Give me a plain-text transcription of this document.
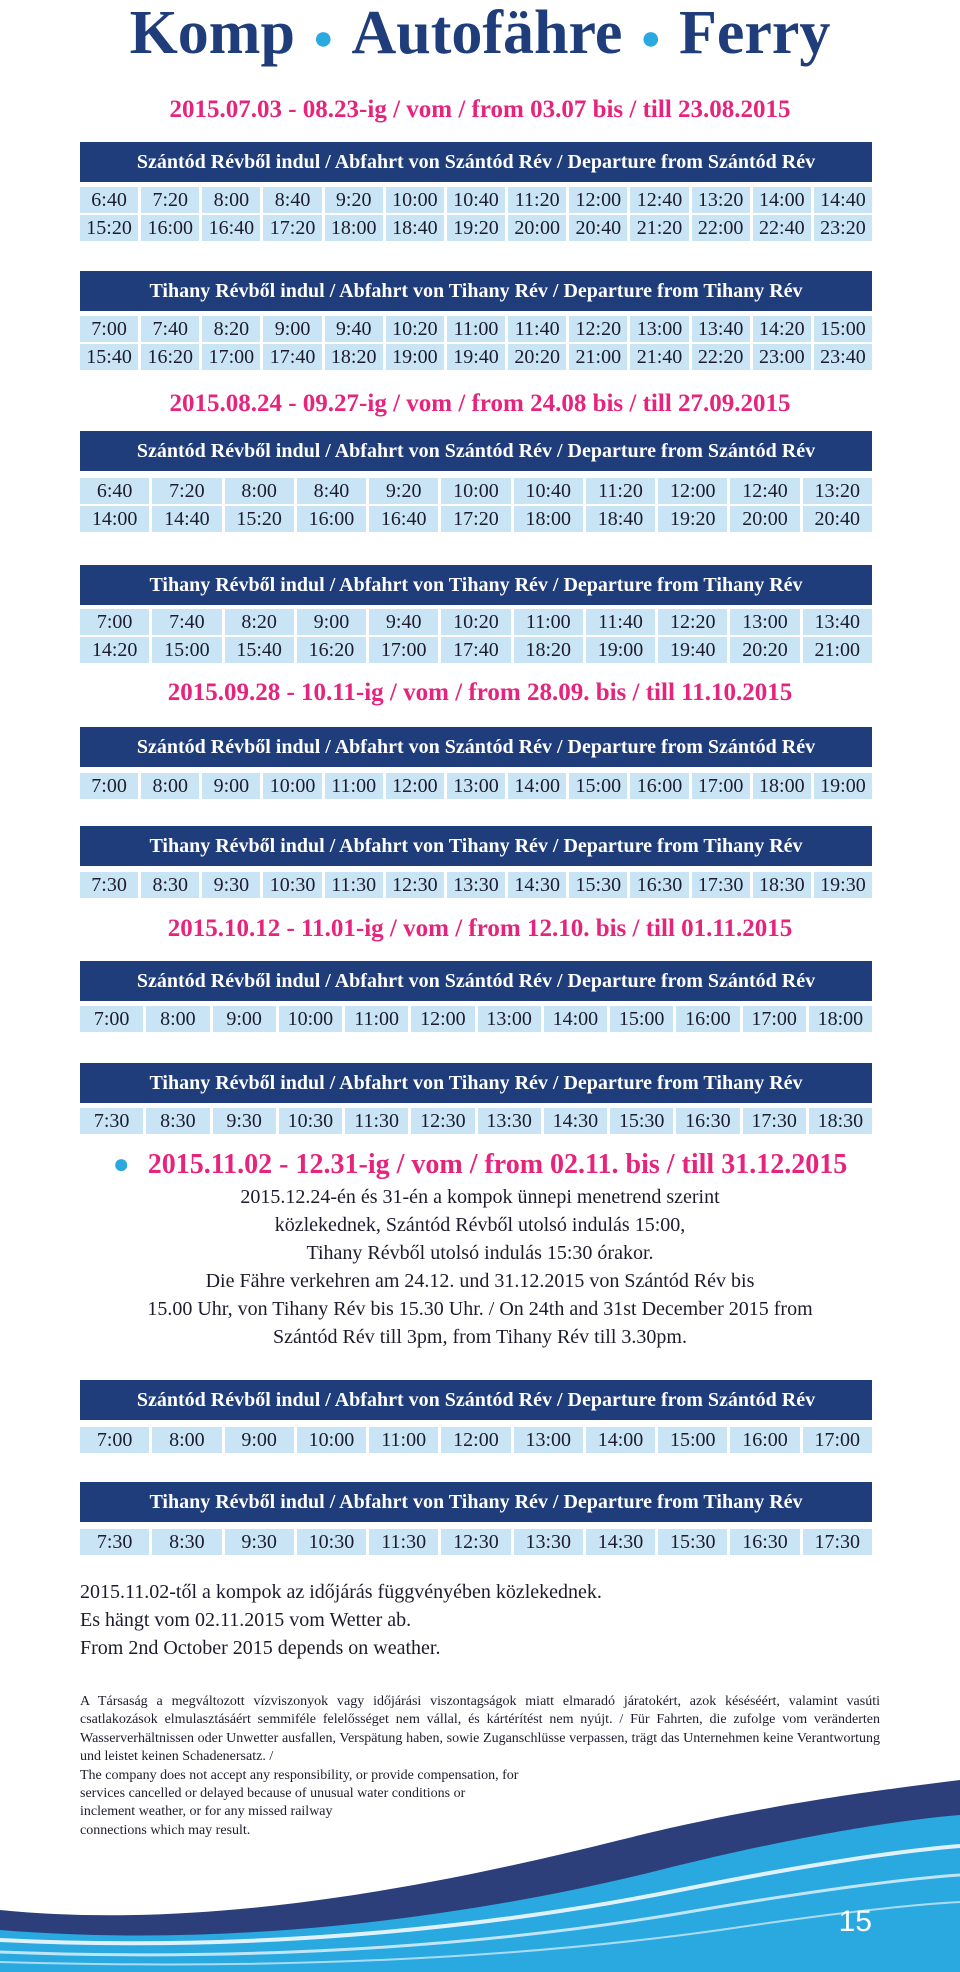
Komp ● Autofähre ● Ferry
2015.07.03 - 08.23-ig / vom / from 03.07 bis / till 23.08.2015
Szántód Révből indul / Abfahrt von Szántód Rév / Departure from Szántód Rév
6:40	7:20	8:00	8:40	9:20	10:00 10:40 11:20 12:00 12:40 13:20 14:00 14:40
15:20 16:00 16:40 17:20 18:00 18:40 19:20 20:00 20:40 21:20 22:00 22:40 23:20
Tihany Révből indul / Abfahrt von Tihany Rév / Departure from Tihany Rév
7:00	7:40	8:20	9:00	9:40	10:20 11:00 11:40 12:20 13:00 13:40 14:20 15:00
15:40 16:20 17:00 17:40 18:20 19:00 19:40 20:20 21:00 21:40 22:20 23:00 23:40
2015.08.24 - 09.27-ig / vom / from 24.08 bis / till 27.09.2015
Szántód Révből indul / Abfahrt von Szántód Rév / Departure from Szántód Rév
6:40	7:20	8:00	8:40	9:20	10:00	10:40	11:20	12:00	12:40	13:20
14:00	14:40	15:20	16:00	16:40	17:20	18:00	18:40	19:20	20:00	20:40
Tihany Révből indul / Abfahrt von Tihany Rév / Departure from Tihany Rév
7:00	7:40	8:20	9:00	9:40	10:20	11:00	11:40	12:20	13:00	13:40
14:20	15:00	15:40	16:20	17:00	17:40	18:20	19:00	19:40	20:20	21:00
2015.09.28 - 10.11-ig / vom / from 28.09. bis / till 11.10.2015
Szántód Révből indul / Abfahrt von Szántód Rév / Departure from Szántód Rév
7:00	8:00	9:00	10:00 11:00 12:00 13:00 14:00 15:00 16:00 17:00 18:00 19:00
Tihany Révből indul / Abfahrt von Tihany Rév / Departure from Tihany Rév
7:30	8:30	9:30	10:30 11:30 12:30 13:30 14:30 15:30 16:30 17:30 18:30 19:30
2015.10.12 - 11.01-ig / vom / from 12.10. bis / till 01.11.2015
Szántód Révből indul / Abfahrt von Szántód Rév / Departure from Szántód Rév
7:00	8:00	9:00	10:00	11:00	12:00	13:00	14:00	15:00	16:00	17:00	18:00
Tihany Révből indul / Abfahrt von Tihany Rév / Departure from Tihany Rév
7:30	8:30	9:30	10:30	11:30	12:30	13:30	14:30	15:30	16:30	17:30	18:30
● 2015.11.02 - 12.31-ig / vom / from 02.11. bis / till 31.12.2015
2015.12.24-én és 31-én a kompok ünnepi menetrend szerint
közlekednek, Szántód Révből utolsó indulás 15:00,
Tihany Révből utolsó indulás 15:30 órakor.
Die Fähre verkehren am 24.12. und 31.12.2015 von Szántód Rév bis
15.00 Uhr, von Tihany Rév bis 15.30 Uhr. / On 24th and 31st December 2015 from
Szántód Rév till 3pm, from Tihany Rév till 3.30pm.
Szántód Révből indul / Abfahrt von Szántód Rév / Departure from Szántód Rév
7:00	8:00	9:00	10:00	11:00	12:00	13:00	14:00	15:00	16:00	17:00
Tihany Révből indul / Abfahrt von Tihany Rév / Departure from Tihany Rév
7:30	8:30	9:30	10:30	11:30	12:30	13:30	14:30	15:30	16:30	17:30
2015.11.02-től a kompok az időjárás függvényében közlekednek.
Es hängt vom 02.11.2015 vom Wetter ab.
From 2nd October 2015 depends on weather.
A Társaság a megváltozott vízviszonyok vagy időjárási viszontagságok miatt elmaradó járatokért, azok késéséért, valamint vasúti csatlakozások elmulasztásáért semmiféle felelősséget nem vállal, és kártérítést nem nyújt. / Für Fahrten, die zufolge vom veränderten Wasserverhältnissen oder Unwetter ausfallen, Verspätung haben, sowie Zuganschlüsse verpassen, trägt das Unternehmen keine Verantwortung und leistet keinen Schadenersatz. /
The company does not accept any responsibility, or provide compensation, for
services cancelled or delayed because of unusual water conditions or
inclement weather, or for any missed railway
connections which may result.
15
